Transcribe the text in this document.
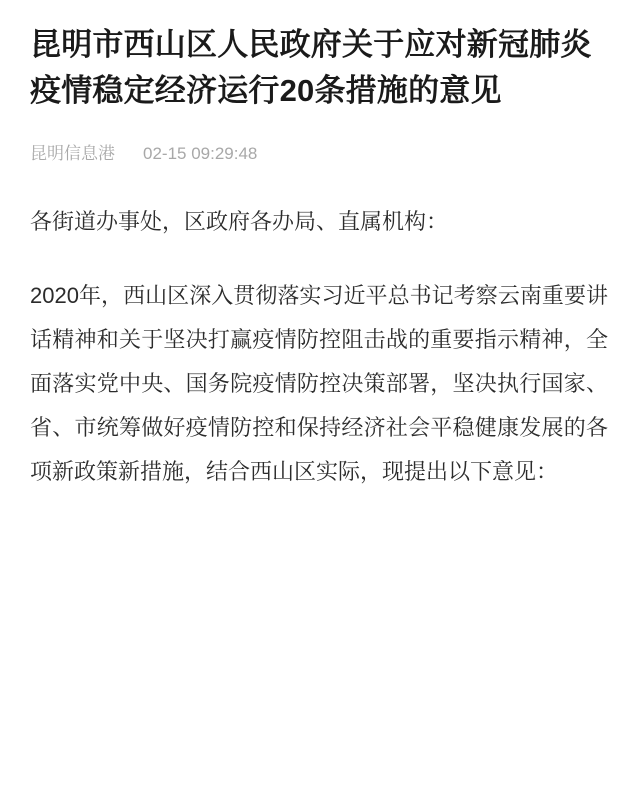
昆明市西山区人民政府关于应对新冠肺炎疫情稳定经济运行20条措施的意见
昆明信息港 02-15 09:29:48

各街道办事处，区政府各办局、直属机构：

2020年，西山区深入贯彻落实习近平总书记考察云南重要讲话精神和关于坚决打赢疫情防控阻击战的重要指示精神，全面落实党中央、国务院疫情防控决策部署，坚决执行国家、省、市统筹做好疫情防控和保持经济社会平稳健康发展的各项新政策新措施，结合西山区实际，现提出以下意见：
